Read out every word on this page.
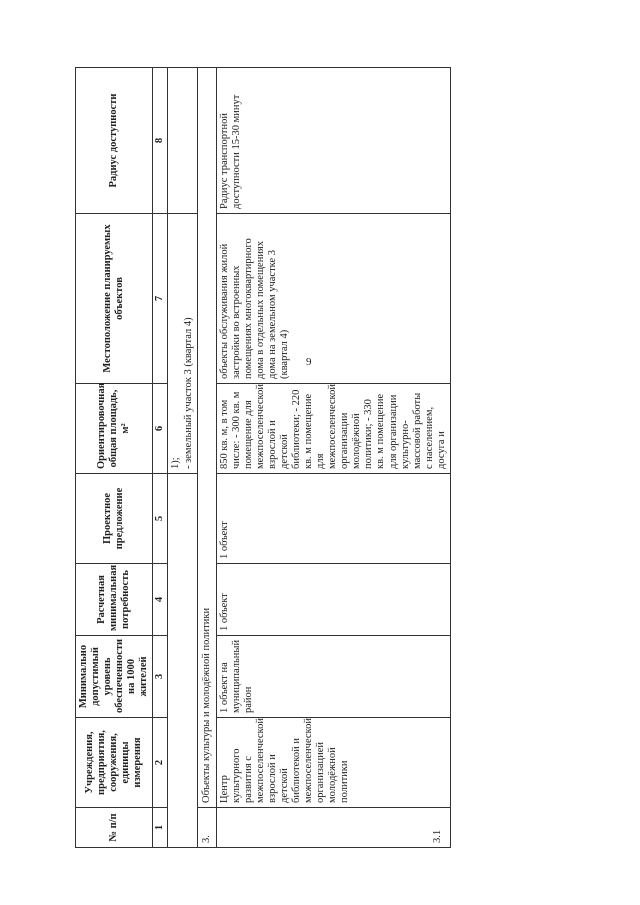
9
№ п/п	Учреждения, предприятия, сооружения, единицы измерения	Минимально допустимый уровень обеспеченности на 1000 жителей	Расчетная минимальная потребность	Проектное предложение	Ориентировочная общая площадь, м²	Местоположение планируемых объектов	Радиус доступности
1	2	3	4	5	6	7	8

					1); - земельный участок 3 (квартал 4)		

3.	Объекты культуры и молодёжной политики						

3.1	Центр культурного развития с межпоселенческой взрослой и детской библиотекой и межпоселенческой организацией молодёжной политики	1 объект на муниципальный район	1 объект	1 объект	850 кв. м, в том числе: - 300 кв. м помещение для межпоселенческой взрослой и детской библиотеки; - 220 кв. м помещение для межпоселенческой организации молодёжной политики; - 330 кв. м помещение для организации культурно-массовой работы с населением, досуга и	объекты обслуживания жилой застройки во встроенных помещениях многоквартирного дома в отдельных помещениях дома на земельном участке 3 (квартал 4)	Радиус транспортной доступности 15-30 минут
